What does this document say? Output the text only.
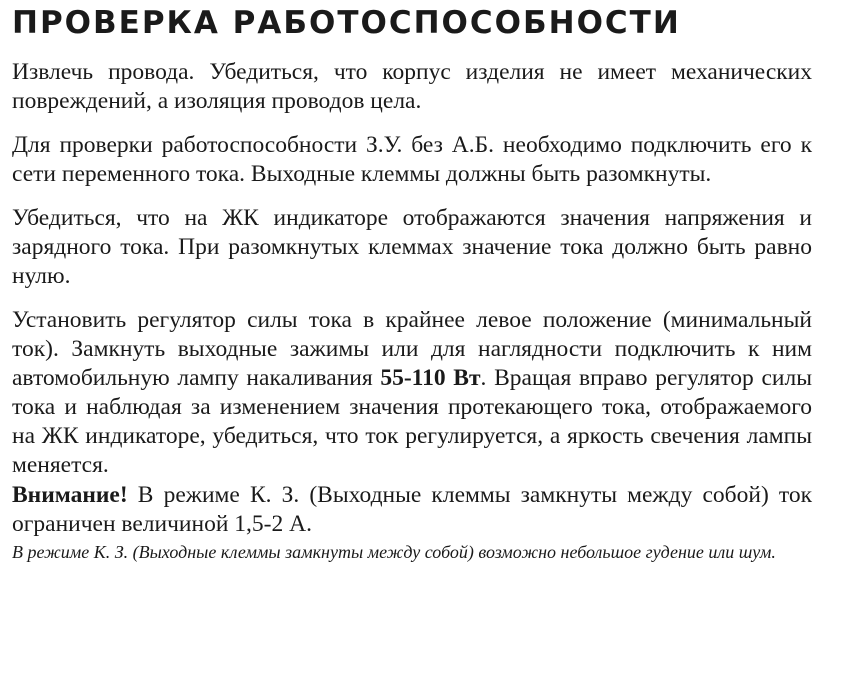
ПРОВЕРКА РАБОТОСПОСОБНОСТИ

Извлечь провода. Убедиться, что корпус изделия не имеет механических повреждений, а изоляция проводов цела.

Для проверки работоспособности З.У. без А.Б. необходимо подключить его к сети переменного тока. Выходные клеммы должны быть разомкнуты.

Убедиться, что на ЖК индикаторе отображаются значения напряжения и зарядного тока. При разомкнутых клеммах значение тока должно быть равно нулю.

Установить регулятор силы тока в крайнее левое положение (минимальный ток). Замкнуть выходные зажимы или для наглядности подключить к ним автомобильную лампу накаливания 55-110 Вт. Вращая вправо регулятор силы тока и наблюдая за изменением значения протекающего тока, отображаемого на ЖК индикаторе, убедиться, что ток регулируется, а яркость свечения лампы меняется.

Внимание! В режиме К. З. (Выходные клеммы замкнуты между собой) ток ограничен величиной 1,5-2 А.

В режиме К. З. (Выходные клеммы замкнуты между собой) возможно небольшое гудение или шум.
